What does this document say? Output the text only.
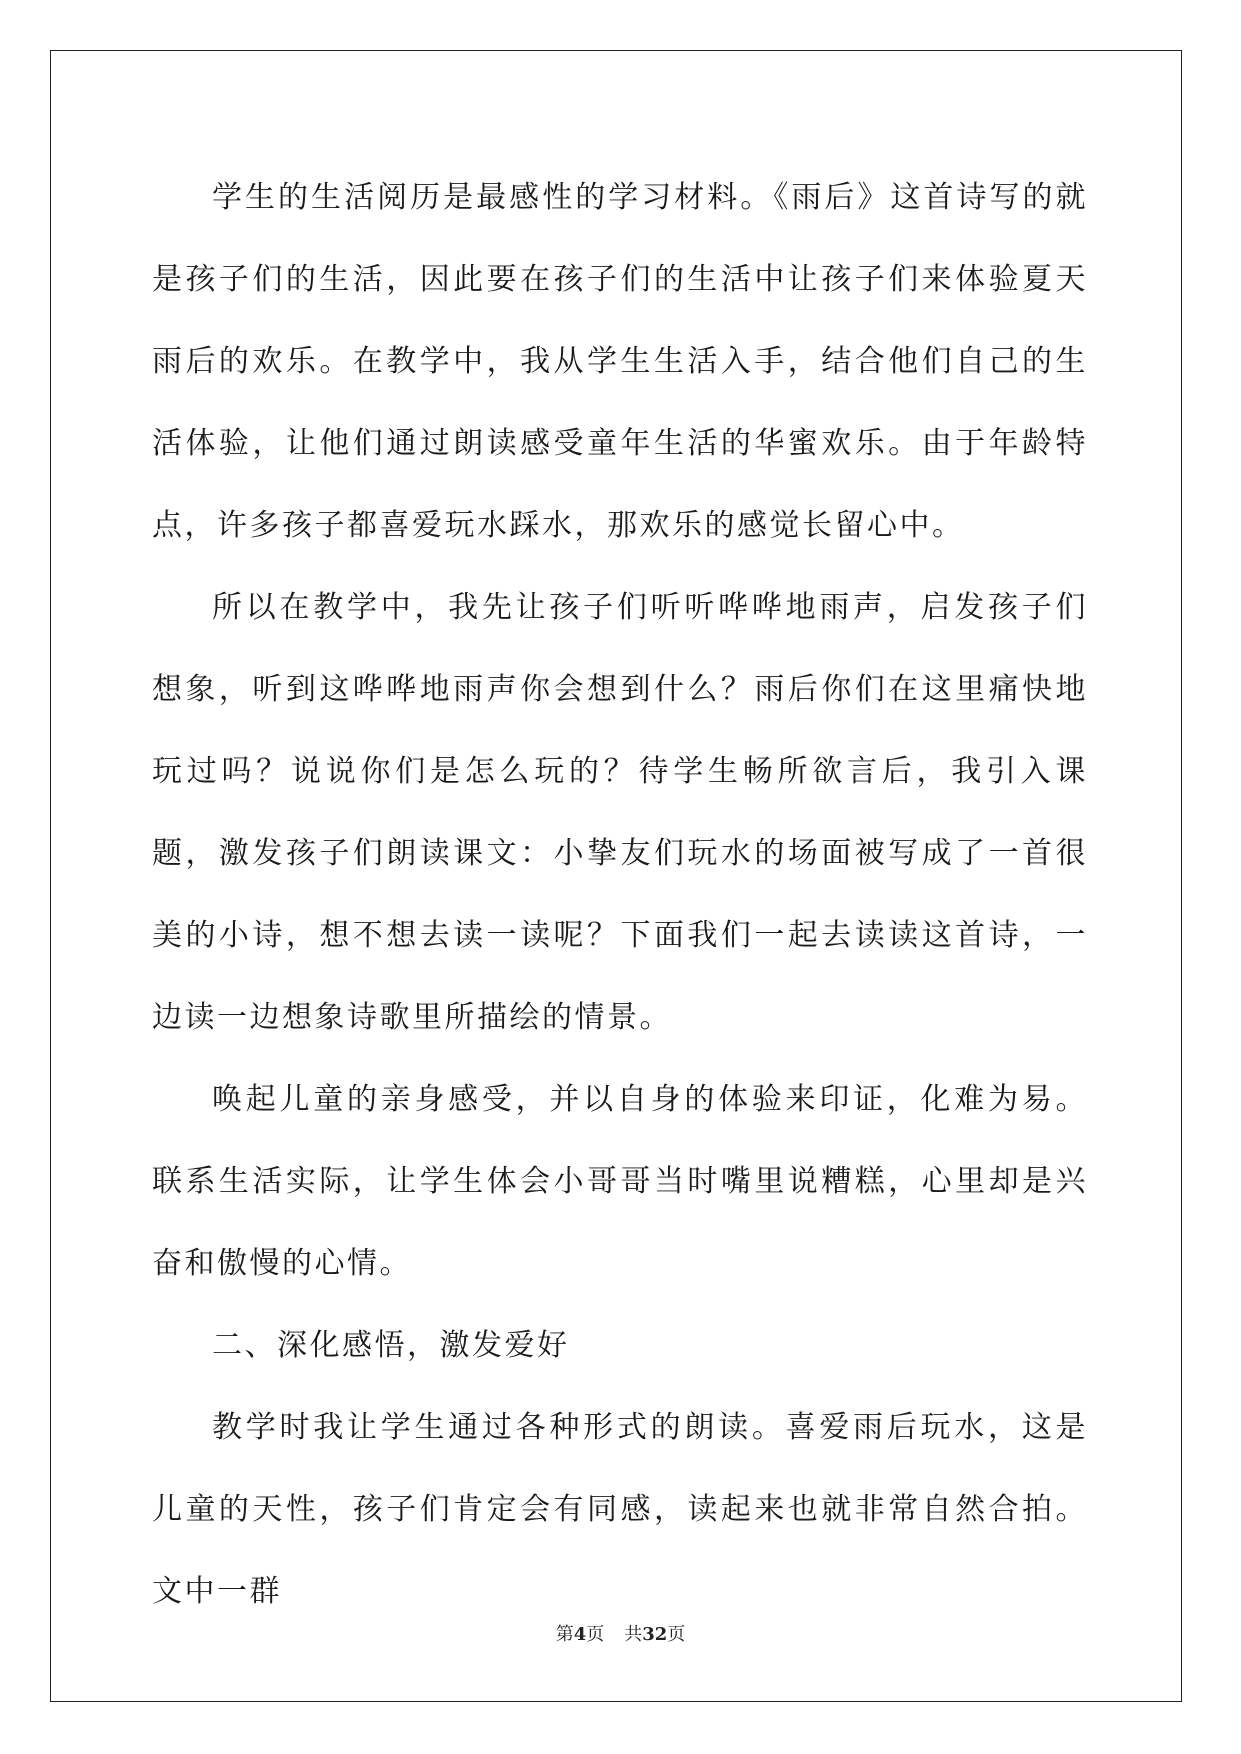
学生的生活阅历是最感性的学习材料。《雨后》这首诗写的就是孩子们的生活，因此要在孩子们的生活中让孩子们来体验夏天雨后的欢乐。在教学中，我从学生生活入手，结合他们自己的生活体验，让他们通过朗读感受童年生活的华蜜欢乐。由于年龄特点，许多孩子都喜爱玩水踩水，那欢乐的感觉长留心中。

所以在教学中，我先让孩子们听听哗哗地雨声，启发孩子们想象，听到这哗哗地雨声你会想到什么？雨后你们在这里痛快地玩过吗？说说你们是怎么玩的？待学生畅所欲言后，我引入课题，激发孩子们朗读课文：小挚友们玩水的场面被写成了一首很美的小诗，想不想去读一读呢？下面我们一起去读读这首诗，一边读一边想象诗歌里所描绘的情景。

唤起儿童的亲身感受，并以自身的体验来印证，化难为易。联系生活实际，让学生体会小哥哥当时嘴里说糟糕，心里却是兴奋和傲慢的心情。

二、深化感悟，激发爱好

教学时我让学生通过各种形式的朗读。喜爱雨后玩水，这是儿童的天性，孩子们肯定会有同感，读起来也就非常自然合拍。文中一群

第4页 共32页
